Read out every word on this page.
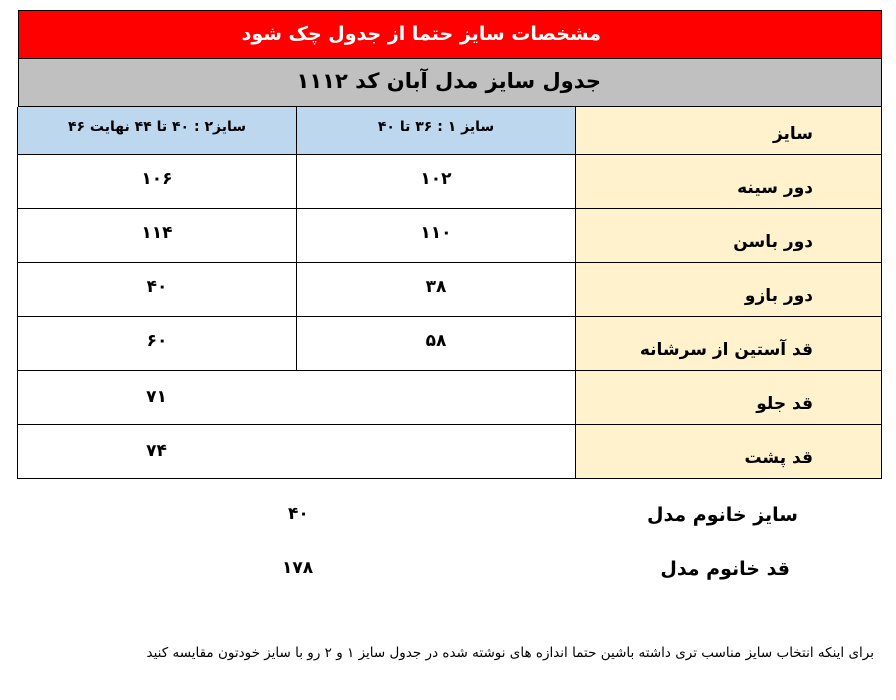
مشخصات سایز حتما از جدول چک شود
جدول سایز مدل آبان کد ۱۱۱۲
سایز	سایز ۱ : ۳۶ تا ۴۰	سایز۲ : ۴۰ تا ۴۴ نهایت ۴۶
دور سینه	۱۰۲	۱۰۶
دور باسن	۱۱۰	۱۱۴
دور بازو	۳۸	۴۰
قد آستین از سرشانه	۵۸	۶۰
قد جلو	۷۱	
قد پشت	۷۴	
سایز خانوم مدل
۴۰
قد خانوم مدل
۱۷۸
برای اینکه انتخاب سایز مناسب تری داشته باشین حتما اندازه های نوشته شده در جدول سایز ۱ و ۲ رو با سایز خودتون مقایسه کنید
